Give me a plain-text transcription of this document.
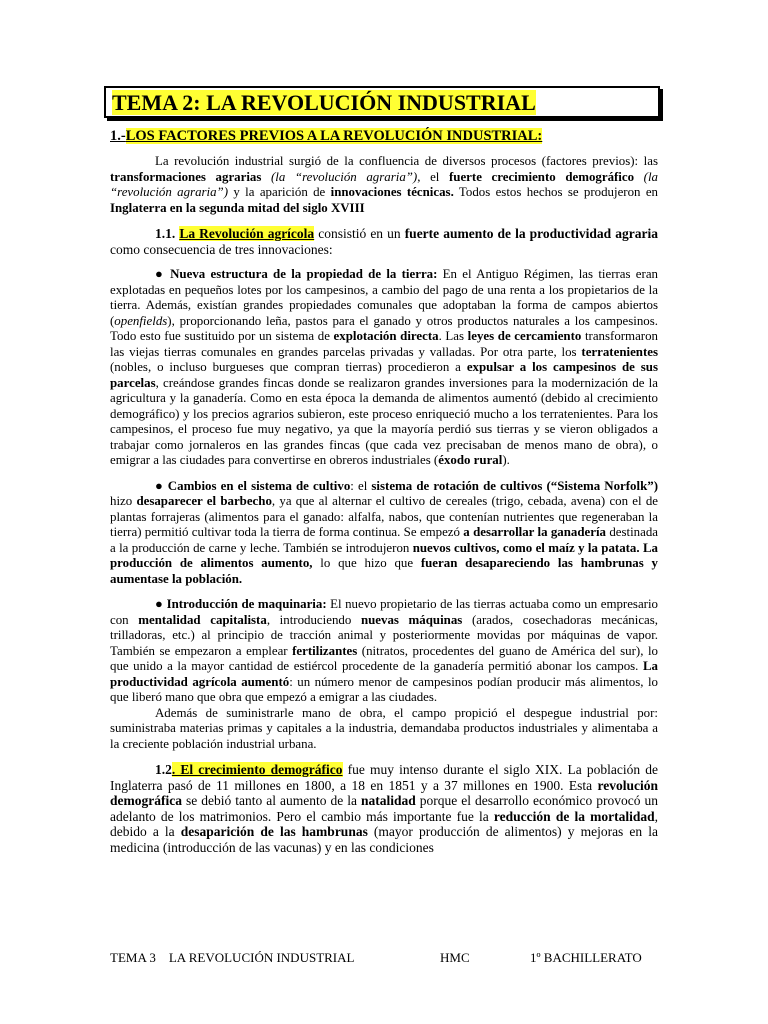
TEMA 2: LA REVOLUCIÓN INDUSTRIAL

1.-LOS FACTORES PREVIOS A LA REVOLUCIÓN INDUSTRIAL:

La revolución industrial surgió de la confluencia de diversos procesos (factores previos): las transformaciones agrarias (la “revolución agraria”), el fuerte crecimiento demográfico (la “revolución agraria”) y la aparición de innovaciones técnicas. Todos estos hechos se produjeron en Inglaterra en la segunda mitad del siglo XVIII

1.1. La Revolución agrícola consistió en un fuerte aumento de la productividad agraria como consecuencia de tres innovaciones:

● Nueva estructura de la propiedad de la tierra: En el Antiguo Régimen, las tierras eran explotadas en pequeños lotes por los campesinos, a cambio del pago de una renta a los propietarios de la tierra. Además, existían grandes propiedades comunales que adoptaban la forma de campos abiertos (openfields), proporcionando leña, pastos para el ganado y otros productos naturales a los campesinos. Todo esto fue sustituido por un sistema de explotación directa. Las leyes de cercamiento transformaron las viejas tierras comunales en grandes parcelas privadas y valladas. Por otra parte, los terratenientes (nobles, o incluso burgueses que compran tierras) procedieron a expulsar a los campesinos de sus parcelas, creándose grandes fincas donde se realizaron grandes inversiones para la modernización de la agricultura y la ganadería. Como en esta época la demanda de alimentos aumentó (debido al crecimiento demográfico) y los precios agrarios subieron, este proceso enriqueció mucho a los terratenientes. Para los campesinos, el proceso fue muy negativo, ya que la mayoría perdió sus tierras y se vieron obligados a trabajar como jornaleros en las grandes fincas (que cada vez precisaban de menos mano de obra), o emigrar a las ciudades para convertirse en obreros industriales (éxodo rural).

● Cambios en el sistema de cultivo: el sistema de rotación de cultivos (“Sistema Norfolk”) hizo desaparecer el barbecho, ya que al alternar el cultivo de cereales (trigo, cebada, avena) con el de plantas forrajeras (alimentos para el ganado: alfalfa, nabos, que contenían nutrientes que regeneraban la tierra) permitió cultivar toda la tierra de forma continua. Se empezó a desarrollar la ganadería destinada a la producción de carne y leche. También se introdujeron nuevos cultivos, como el maíz y la patata. La producción de alimentos aumento, lo que hizo que fueran desapareciendo las hambrunas y aumentase la población.

● Introducción de maquinaria: El nuevo propietario de las tierras actuaba como un empresario con mentalidad capitalista, introduciendo nuevas máquinas (arados, cosechadoras mecánicas, trilladoras, etc.) al principio de tracción animal y posteriormente movidas por máquinas de vapor. También se empezaron a emplear fertilizantes (nitratos, procedentes del guano de América del sur), lo que unido a la mayor cantidad de estiércol procedente de la ganadería permitió abonar los campos. La productividad agrícola aumentó: un número menor de campesinos podían producir más alimentos, lo que liberó mano que obra que empezó a emigrar a las ciudades.

Además de suministrarle mano de obra, el campo propició el despegue industrial por: suministraba materias primas y capitales a la industria, demandaba productos industriales y alimentaba a la creciente población industrial urbana.

1.2. El crecimiento demográfico fue muy intenso durante el siglo XIX. La población de Inglaterra pasó de 11 millones en 1800, a 18 en 1851 y a 37 millones en 1900. Esta revolución demográfica se debió tanto al aumento de la natalidad porque el desarrollo económico provocó un adelanto de los matrimonios. Pero el cambio más importante fue la reducción de la mortalidad, debido a la desaparición de las hambrunas (mayor producción de alimentos) y mejoras en la medicina (introducción de las vacunas) y en las condiciones

TEMA 3    LA REVOLUCIÓN INDUSTRIAL	HMC	1º BACHILLERATO
